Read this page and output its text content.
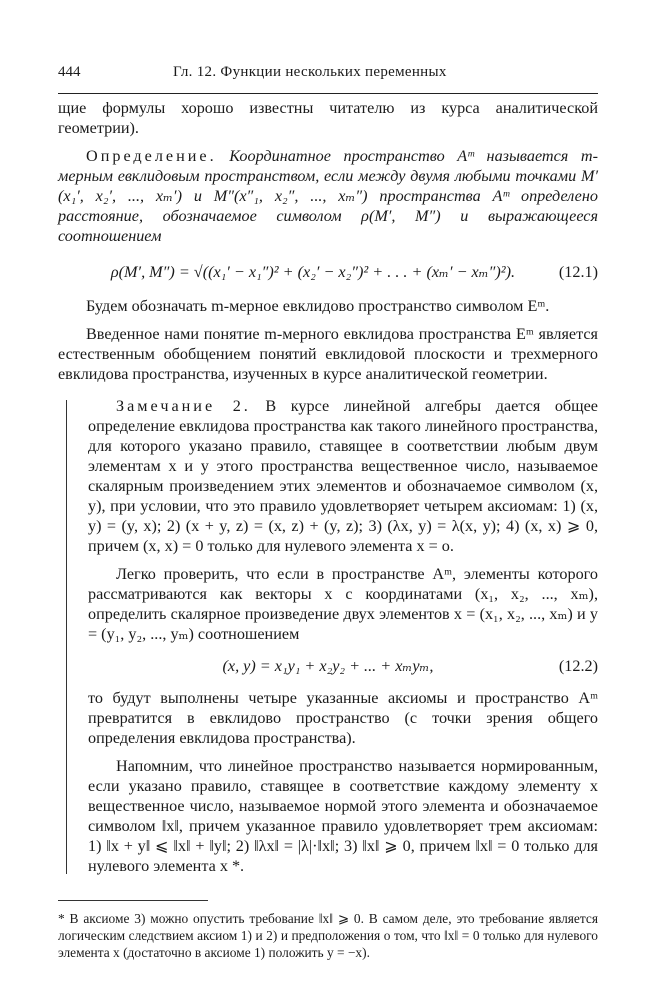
444	Гл. 12. Функции нескольких переменных

щие формулы хорошо известны читателю из курса аналитической геометрии).

Определение. Координатное пространство Aᵐ называется m-мерным евклидовым пространством, если между двумя любыми точками M′(x₁′, x₂′, ..., xₘ′) и M″(x″₁, x₂″, ..., xₘ″) пространства Aᵐ определено расстояние, обозначаемое символом ρ(M′, M″) и выражающееся соотношением

ρ(M′, M″) = √((x₁′ − x₁″)² + (x₂′ − x₂″)² + . . . + (xₘ′ − xₘ″)²).	(12.1)

Будем обозначать m-мерное евклидово пространство символом Eᵐ.

Введенное нами понятие m-мерного евклидова пространства Eᵐ является естественным обобщением понятий евклидовой плоскости и трехмерного евклидова пространства, изученных в курсе аналитической геометрии.

Замечание 2. В курсе линейной алгебры дается общее определение евклидова пространства как такого линейного пространства, для которого указано правило, ставящее в соответствии любым двум элементам x и y этого пространства вещественное число, называемое скалярным произведением этих элементов и обозначаемое символом (x, y), при условии, что это правило удовлетворяет четырем аксиомам: 1) (x, y) = (y, x); 2) (x + y, z) = (x, z) + (y, z); 3) (λx, y) = λ(x, y); 4) (x, x) ⩾ 0, причем (x, x) = 0 только для нулевого элемента x = o.

Легко проверить, что если в пространстве Aᵐ, элементы которого рассматриваются как векторы x с координатами (x₁, x₂, ..., xₘ), определить скалярное произведение двух элементов x = (x₁, x₂, ..., xₘ) и y = (y₁, y₂, ..., yₘ) соотношением

(x, y) = x₁y₁ + x₂y₂ + ... + xₘyₘ,	(12.2)

то будут выполнены четыре указанные аксиомы и пространство Aᵐ превратится в евклидово пространство (с точки зрения общего определения евклидова пространства).

Напомним, что линейное пространство называется нормированным, если указано правило, ставящее в соответствие каждому элементу x вещественное число, называемое нормой этого элемента и обозначаемое символом ‖x‖, причем указанное правило удовлетворяет трем аксиомам: 1) ‖x + y‖ ⩽ ‖x‖ + ‖y‖; 2) ‖λx‖ = |λ|·‖x‖; 3) ‖x‖ ⩾ 0, причем ‖x‖ = 0 только для нулевого элемента x *.

* В аксиоме 3) можно опустить требование ‖x‖ ⩾ 0. В самом деле, это требование является логическим следствием аксиом 1) и 2) и предположения о том, что ‖x‖ = 0 только для нулевого элемента x (достаточно в аксиоме 1) положить y = −x).
